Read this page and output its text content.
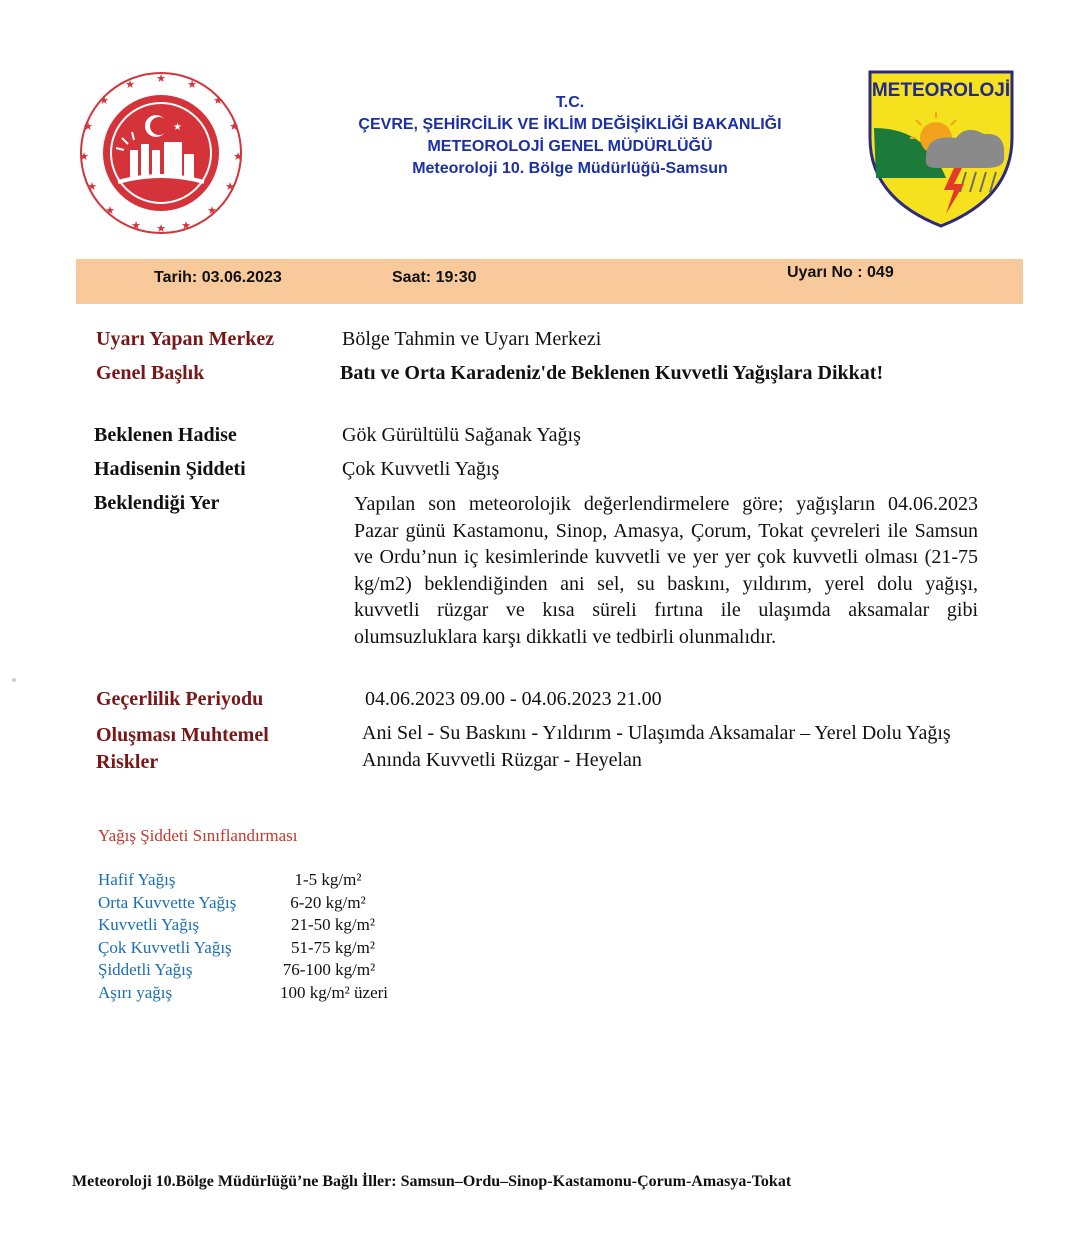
★ ★
★
★
★
★
★
★
★
★
★
★
★
★
★
★
★
T.C.
ÇEVRE, ŞEHİRCİLİK VE İKLİM DEĞİŞİKLİĞİ BAKANLIĞI
METEOROLOJİ GENEL MÜDÜRLÜĞÜ
Meteoroloji 10. Bölge Müdürlüğü-Samsun
METEOROLOJİ
Tarih: 03.06.2023	Saat: 19:30	Uyarı No : 049
Uyarı Yapan Merkez	Bölge Tahmin ve Uyarı Merkezi
Genel Başlık	Batı ve Orta Karadeniz'de Beklenen Kuvvetli Yağışlara Dikkat!
Beklenen Hadise	Gök Gürültülü Sağanak Yağış
Hadisenin Şiddeti	Çok Kuvvetli Yağış
Beklendiği Yer	Yapılan son meteorolojik değerlendirmelere göre; yağışların 04.06.2023 Pazar günü Kastamonu, Sinop, Amasya, Çorum, Tokat çevreleri ile Samsun ve Ordu’nun iç kesimlerinde kuvvetli ve yer yer çok kuvvetli olması (21-75 kg/m2) beklendiğinden ani sel, su baskını, yıldırım, yerel dolu yağışı, kuvvetli rüzgar ve kısa süreli fırtına ile ulaşımda aksamalar gibi olumsuzluklara karşı dikkatli ve tedbirli olunmalıdır.
Geçerlilik Periyodu	04.06.2023 09.00 - 04.06.2023 21.00
Oluşması Muhtemel Riskler
Ani Sel - Su Baskını - Yıldırım - Ulaşımda Aksamalar – Yerel Dolu Yağış Anında Kuvvetli Rüzgar - Heyelan
Yağış Şiddeti Sınıflandırması
Hafif Yağış	1-5 kg/m²
Orta Kuvvette Yağış	6-20 kg/m²
Kuvvetli Yağış	21-50 kg/m²
Çok Kuvvetli Yağış	51-75 kg/m²
Şiddetli Yağış	76-100 kg/m²
Aşırı yağış	100 kg/m² üzeri
Meteoroloji 10.Bölge Müdürlüğü’ne Bağlı İller: Samsun–Ordu–Sinop-Kastamonu-Çorum-Amasya-Tokat
